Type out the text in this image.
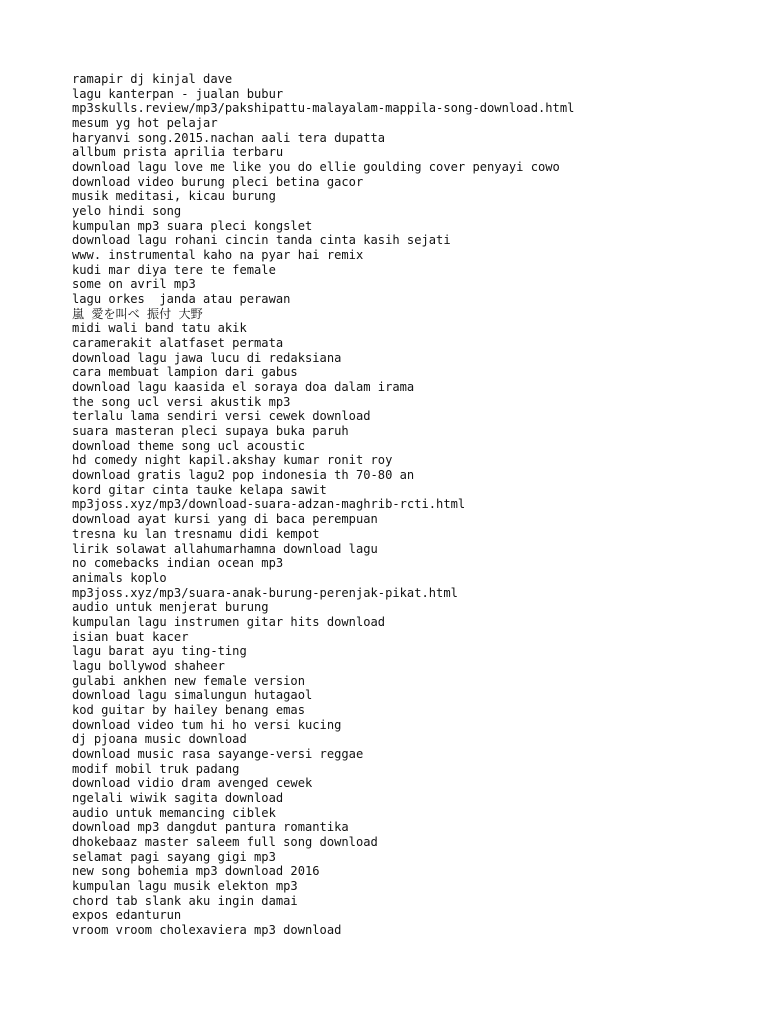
ramapir dj kinjal dave
lagu kanterpan - jualan bubur
mp3skulls.review/mp3/pakshipattu-malayalam-mappila-song-download.html
mesum yg hot pelajar
haryanvi song.2015.nachan aali tera dupatta
allbum prista aprilia terbaru
download lagu love me like you do ellie goulding cover penyayi cowo
download video burung pleci betina gacor
musik meditasi, kicau burung
yelo hindi song
kumpulan mp3 suara pleci kongslet
download lagu rohani cincin tanda cinta kasih sejati
www. instrumental kaho na pyar hai remix
kudi mar diya tere te female
some on avril mp3
lagu orkes  janda atau perawan
嵐 愛を叫べ 振付 大野
midi wali band tatu akik
caramerakit alatfaset permata
download lagu jawa lucu di redaksiana
cara membuat lampion dari gabus
download lagu kaasida el soraya doa dalam irama
the song ucl versi akustik mp3
terlalu lama sendiri versi cewek download
suara masteran pleci supaya buka paruh
download theme song ucl acoustic
hd comedy night kapil.akshay kumar ronit roy
download gratis lagu2 pop indonesia th 70-80 an
kord gitar cinta tauke kelapa sawit
mp3joss.xyz/mp3/download-suara-adzan-maghrib-rcti.html
download ayat kursi yang di baca perempuan
tresna ku lan tresnamu didi kempot
lirik solawat allahumarhamna download lagu
no comebacks indian ocean mp3
animals koplo
mp3joss.xyz/mp3/suara-anak-burung-perenjak-pikat.html
audio untuk menjerat burung
kumpulan lagu instrumen gitar hits download
isian buat kacer
lagu barat ayu ting-ting
lagu bollywod shaheer
gulabi ankhen new female version
download lagu simalungun hutagaol
kod guitar by hailey benang emas
download video tum hi ho versi kucing
dj pjoana music download
download music rasa sayange-versi reggae
modif mobil truk padang
download vidio dram avenged cewek
ngelali wiwik sagita download
audio untuk memancing ciblek
download mp3 dangdut pantura romantika
dhokebaaz master saleem full song download
selamat pagi sayang gigi mp3
new song bohemia mp3 download 2016
kumpulan lagu musik elekton mp3
chord tab slank aku ingin damai
expos edanturun
vroom vroom cholexaviera mp3 download
